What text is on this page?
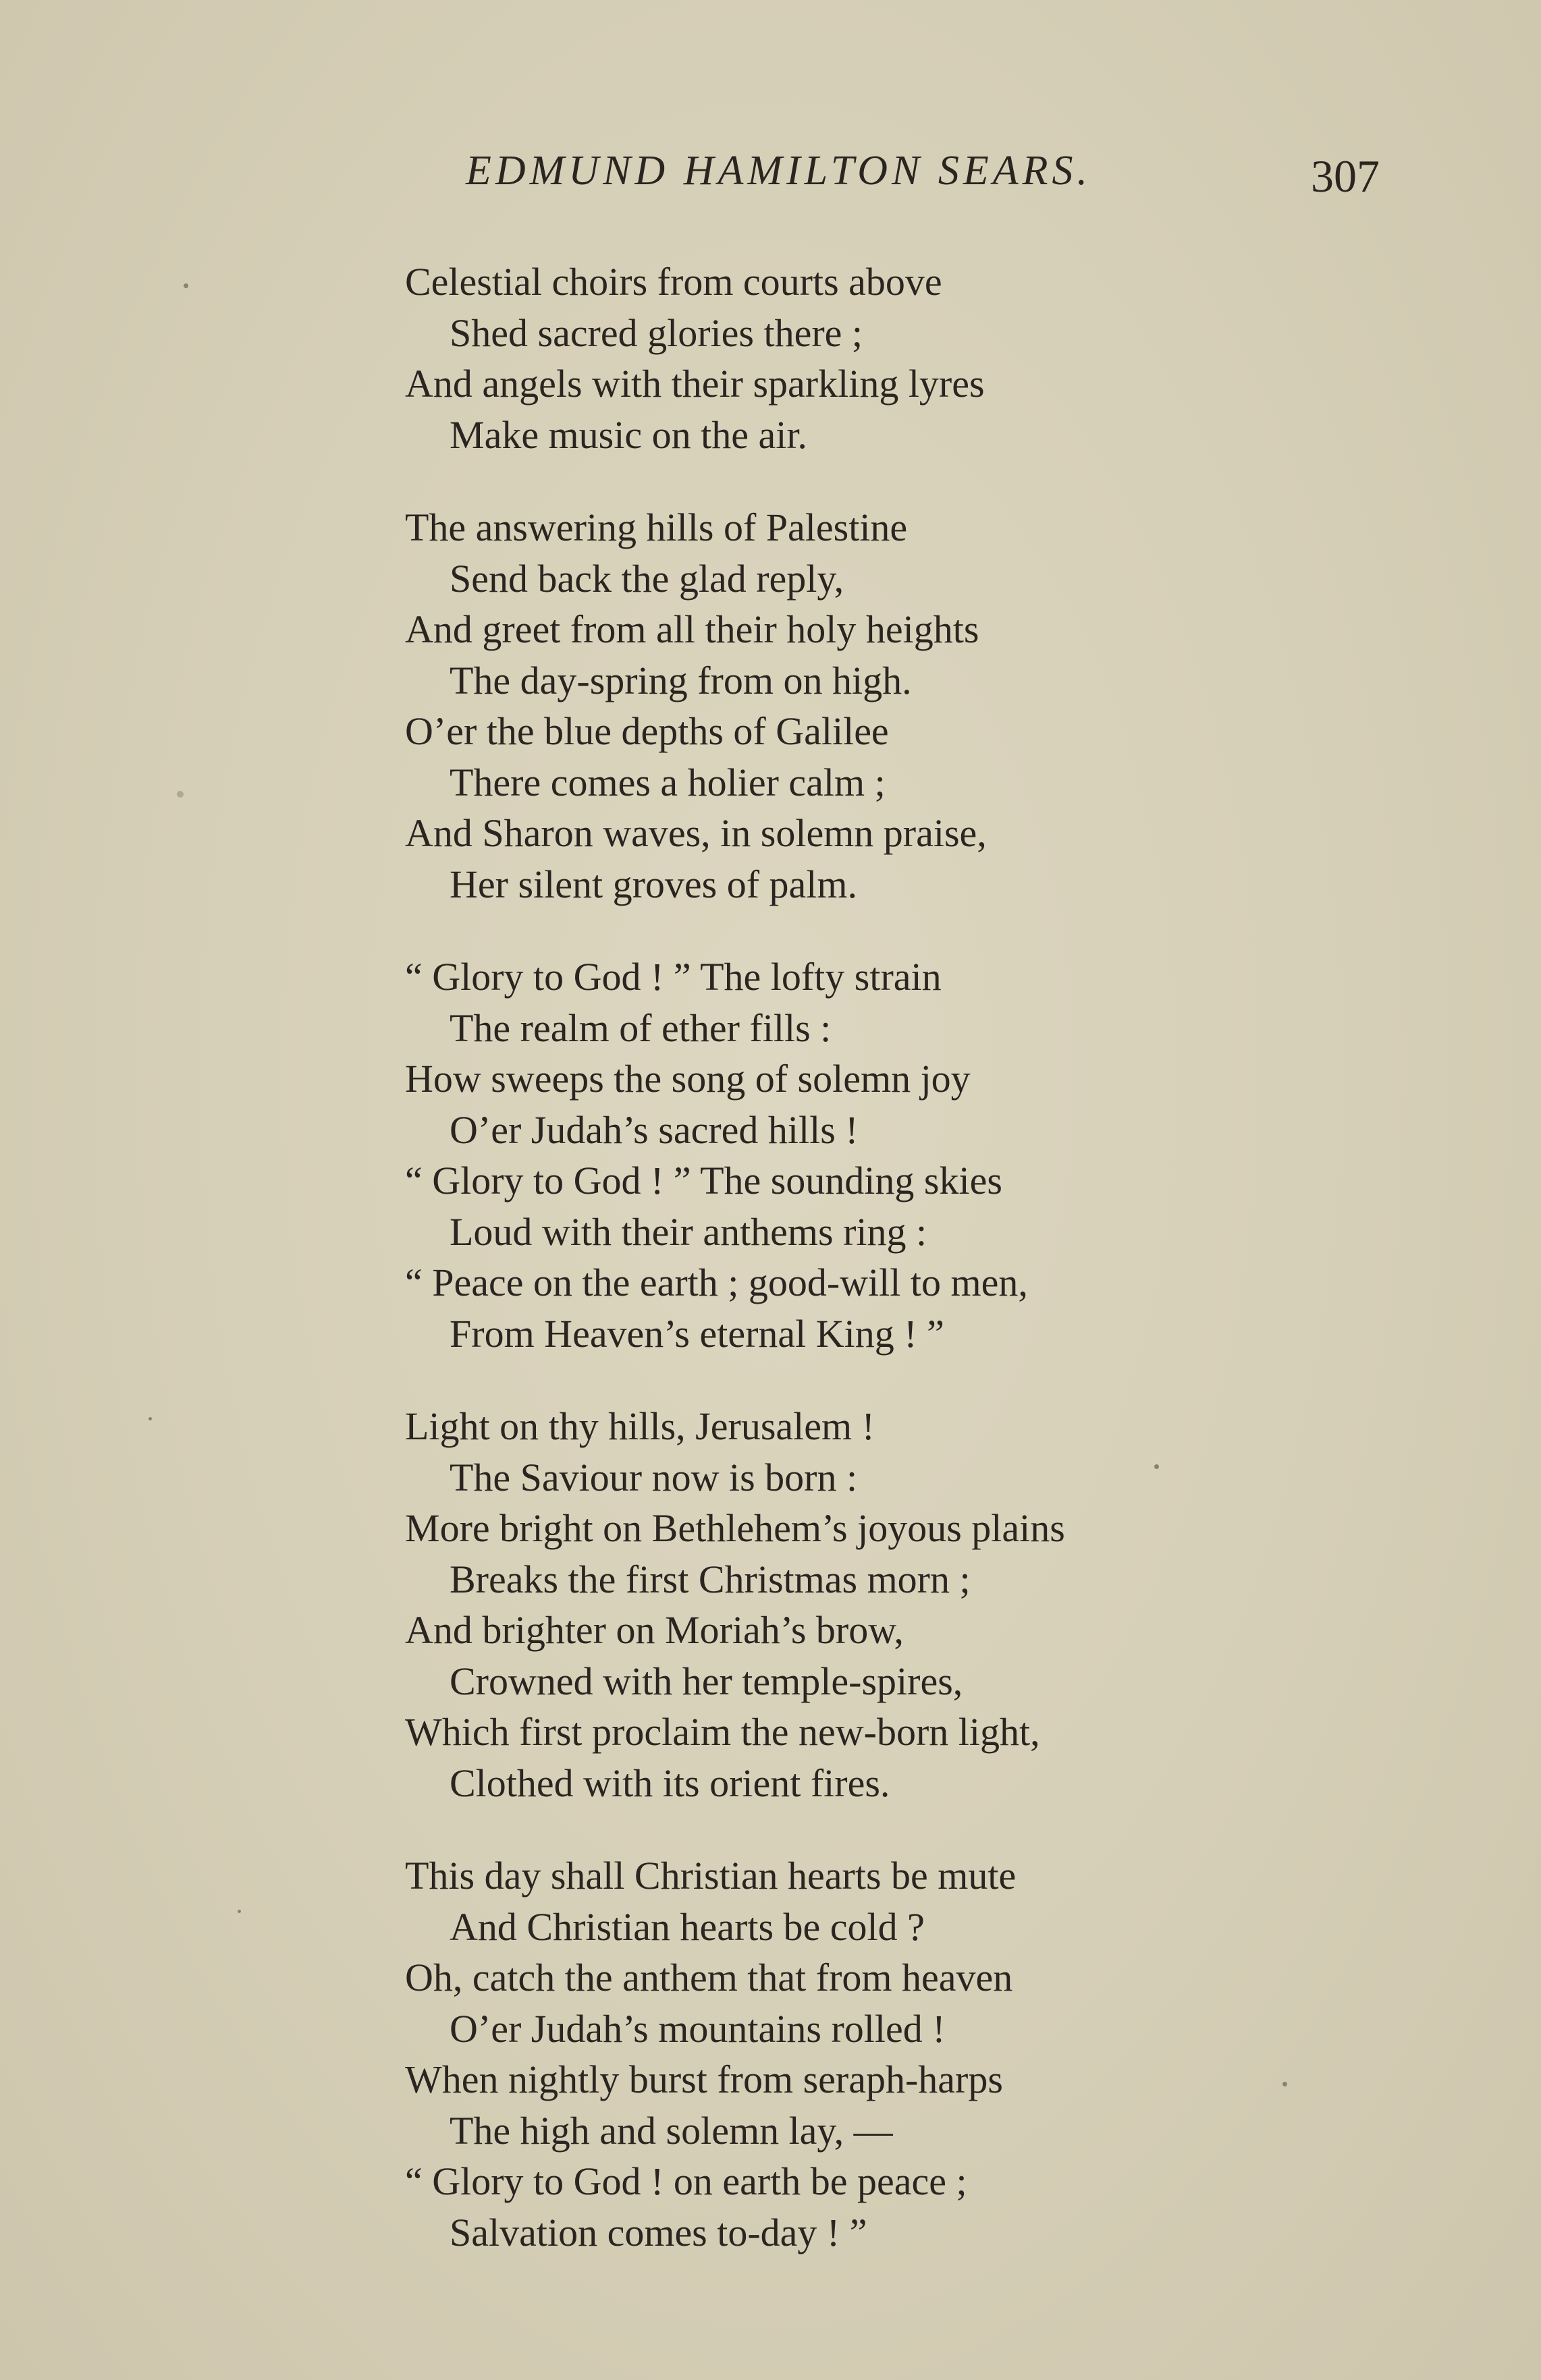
EDMUND HAMILTON SEARS.	307
Celestial choirs from courts above
Shed sacred glories there ;
And angels with their sparkling lyres
Make music on the air.
The answering hills of Palestine
Send back the glad reply,
And greet from all their holy heights
The day-spring from on high.
O’er the blue depths of Galilee
There comes a holier calm ;
And Sharon waves, in solemn praise,
Her silent groves of palm.
“ Glory to God ! ” The lofty strain
The realm of ether fills :
How sweeps the song of solemn joy
O’er Judah’s sacred hills !
“ Glory to God ! ” The sounding skies
Loud with their anthems ring :
“ Peace on the earth ; good-will to men,
From Heaven’s eternal King ! ”
Light on thy hills, Jerusalem !
The Saviour now is born :
More bright on Bethlehem’s joyous plains
Breaks the first Christmas morn ;
And brighter on Moriah’s brow,
Crowned with her temple-spires,
Which first proclaim the new-born light,
Clothed with its orient fires.
This day shall Christian hearts be mute
And Christian hearts be cold ?
Oh, catch the anthem that from heaven
O’er Judah’s mountains rolled !
When nightly burst from seraph-harps
The high and solemn lay, —
“ Glory to God ! on earth be peace ;
Salvation comes to-day ! ”
